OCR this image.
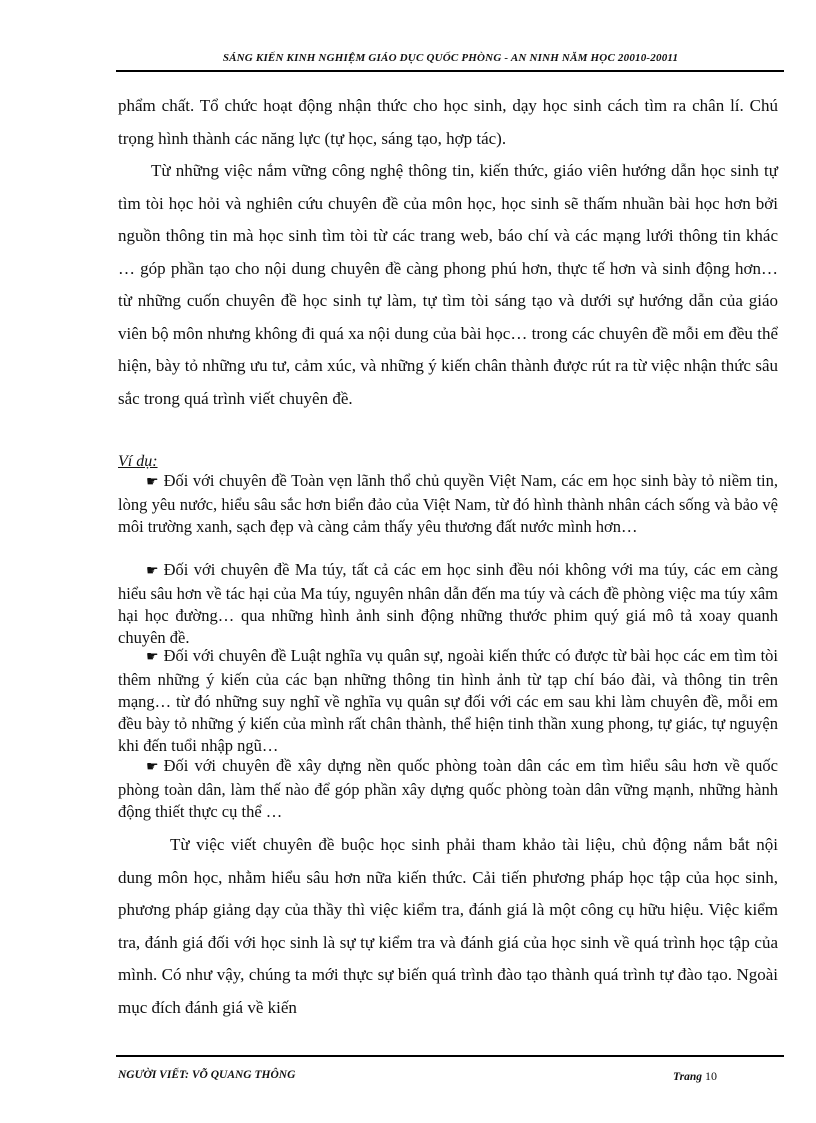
SÁNG KIẾN KINH NGHIỆM GIÁO DỤC QUỐC PHÒNG - AN NINH NĂM HỌC 20010-20011
phẩm chất. Tổ chức hoạt động nhận thức cho học sinh, dạy học sinh cách tìm ra chân lí. Chú trọng hình thành các năng lực (tự học, sáng tạo, hợp tác).
Từ những việc nắm vững công nghệ thông tin, kiến thức, giáo viên hướng dẫn học sinh tự tìm tòi học hỏi và nghiên cứu chuyên đề của môn học, học sinh sẽ thấm nhuần bài học hơn bởi nguồn thông tin mà học sinh tìm tòi từ các trang web, báo chí và các mạng lưới thông tin khác … góp phần tạo cho nội dung chuyên đề càng phong phú hơn, thực tế hơn và sinh động hơn… từ những cuốn chuyên đề học sinh tự làm, tự tìm tòi sáng tạo và dưới sự hướng dẫn của giáo viên bộ môn nhưng không đi quá xa nội dung của bài học… trong các chuyên đề mỗi em đều thể hiện, bày tỏ những ưu tư, cảm xúc, và những ý kiến chân thành được rút ra từ việc nhận thức sâu sắc trong quá trình viết chuyên đề.
Ví dụ:
☛ Đối với chuyên đề Toàn vẹn lãnh thổ chủ quyền Việt Nam, các em học sinh bày tỏ niềm tin, lòng yêu nước, hiểu sâu sắc hơn biển đảo của Việt Nam, từ đó hình thành nhân cách sống và bảo vệ môi trường xanh, sạch đẹp và càng cảm thấy yêu thương đất nước mình hơn…
☛ Đối với chuyên đề Ma túy, tất cả các em học sinh đều nói không với ma túy, các em càng hiểu sâu hơn về tác hại của Ma túy, nguyên nhân dẫn đến ma túy và cách đề phòng việc ma túy xâm hại học đường… qua những hình ảnh sinh động những thước phim quý giá mô tả xoay quanh chuyên đề.
☛ Đối với chuyên đề Luật nghĩa vụ quân sự, ngoài kiến thức có được từ bài học các em tìm tòi thêm những ý kiến của các bạn những thông tin hình ảnh từ tạp chí báo đài, và thông tin trên mạng… từ đó những suy nghĩ về nghĩa vụ quân sự đối với các em sau khi làm chuyên đề, mỗi em đều bày tỏ những ý kiến của mình rất chân thành, thể hiện tinh thần xung phong, tự giác, tự nguyện khi đến tuổi nhập ngũ…
☛ Đối với chuyên đề xây dựng nền quốc phòng toàn dân các em tìm hiểu sâu hơn về quốc phòng toàn dân, làm thế nào để góp phần xây dựng quốc phòng toàn dân vững mạnh, những hành động thiết thực cụ thể …
Từ việc viết chuyên đề buộc học sinh phải tham khảo tài liệu, chủ động nắm bắt nội dung môn học, nhằm hiểu sâu hơn nữa kiến thức. Cải tiến phương pháp học tập của học sinh, phương pháp giảng dạy của thầy thì việc kiểm tra, đánh giá là một công cụ hữu hiệu. Việc kiểm tra, đánh giá đối với học sinh là sự tự kiểm tra và đánh giá của học sinh về quá trình học tập của mình. Có như vậy, chúng ta mới thực sự biến quá trình đào tạo thành quá trình tự đào tạo. Ngoài mục đích đánh giá về kiến
NGƯỜI VIẾT: VÕ QUANG THÔNG	Trang 10
